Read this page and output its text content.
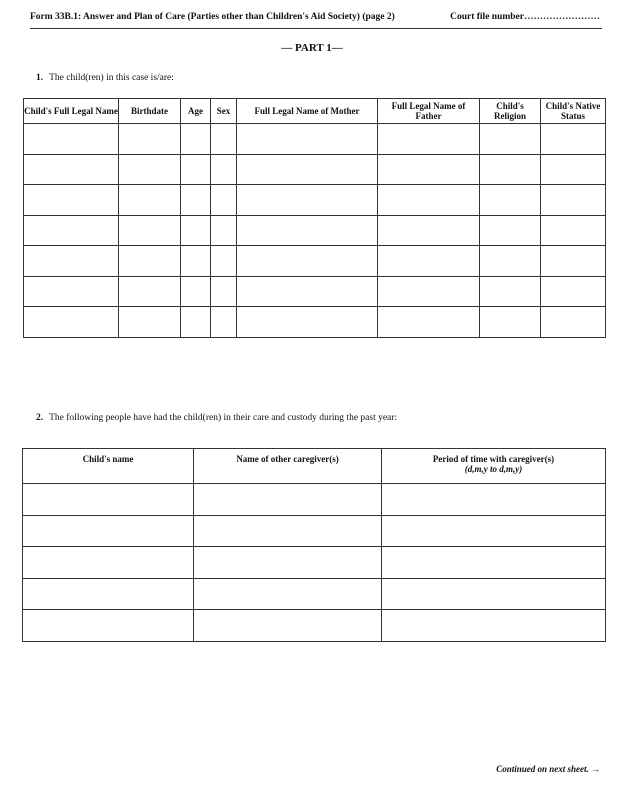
Form 33B.1: Answer and Plan of Care (Parties other than Children's Aid Society) (page 2)	Court file number……………………
— PART 1—
1. The child(ren) in this case is/are:
Child's Full Legal Name	Birthdate	Age	Sex	Full Legal Name of Mother	Full Legal Name of Father	Child's Religion	Child's Native Status

2. The following people have had the child(ren) in their care and custody during the past year:
Child's name	Name of other caregiver(s)	Period of time with caregiver(s)
(d,m,y to d,m,y)

Continued on next sheet. →
